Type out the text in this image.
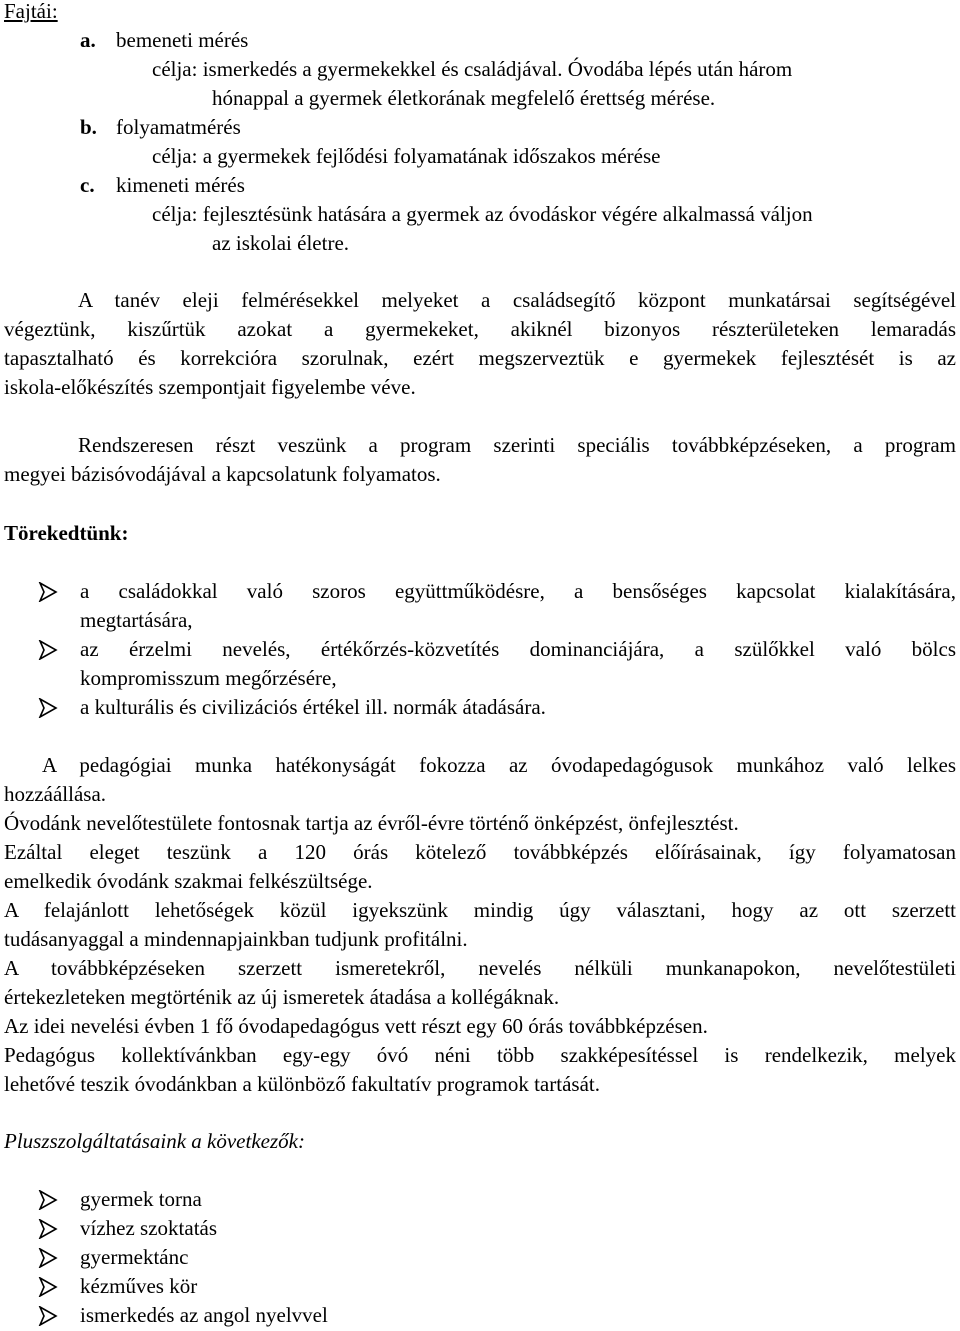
Fajtái:
a. bemeneti mérés
célja: ismerkedés a gyermekekkel és családjával. Óvodába lépés után három
hónappal a gyermek életkorának megfelelő érettség mérése.
b. folyamatmérés
célja: a gyermekek fejlődési folyamatának időszakos mérése
c. kimeneti mérés
célja: fejlesztésünk hatására a gyermek az óvodáskor végére alkalmassá váljon
az iskolai életre.
A tanév eleji felmérésekkel melyeket a családsegítő központ munkatársai segítségével
végeztünk, kiszűrtük azokat a gyermekeket, akiknél bizonyos részterületeken lemaradás
tapasztalható és korrekcióra szorulnak, ezért megszerveztük e gyermekek fejlesztését is az
iskola-előkészítés szempontjait figyelembe véve.
Rendszeresen részt veszünk a program szerinti speciális továbbképzéseken, a program
megyei bázisóvodájával a kapcsolatunk folyamatos.
Törekedtünk:
a családokkal való szoros együttműködésre, a bensőséges kapcsolat kialakítására,
megtartására,
az érzelmi nevelés, értékőrzés-közvetítés dominanciájára, a szülőkkel való bölcs
kompromisszum megőrzésére,
a kulturális és civilizációs értékel ill. normák átadására.
A pedagógiai munka hatékonyságát fokozza az óvodapedagógusok munkához való lelkes
hozzáállása.
Óvodánk nevelőtestülete fontosnak tartja az évről-évre történő önképzést, önfejlesztést.
Ezáltal eleget teszünk a 120 órás kötelező továbbképzés előírásainak, így folyamatosan
emelkedik óvodánk szakmai felkészültsége.
A felajánlott lehetőségek közül igyekszünk mindig úgy választani, hogy az ott szerzett
tudásanyaggal a mindennapjainkban tudjunk profitálni.
A továbbképzéseken szerzett ismeretekről, nevelés nélküli munkanapokon, nevelőtestületi
értekezleteken megtörténik az új ismeretek átadása a kollégáknak.
Az idei nevelési évben 1 fő óvodapedagógus vett részt egy 60 órás továbbképzésen.
Pedagógus kollektívánkban egy-egy óvó néni több szakképesítéssel is rendelkezik, melyek
lehetővé teszik óvodánkban a különböző fakultatív programok tartását.
Pluszszolgáltatásaink a következők:
gyermek torna
vízhez szoktatás
gyermektánc
kézműves kör
ismerkedés az angol nyelvvel
